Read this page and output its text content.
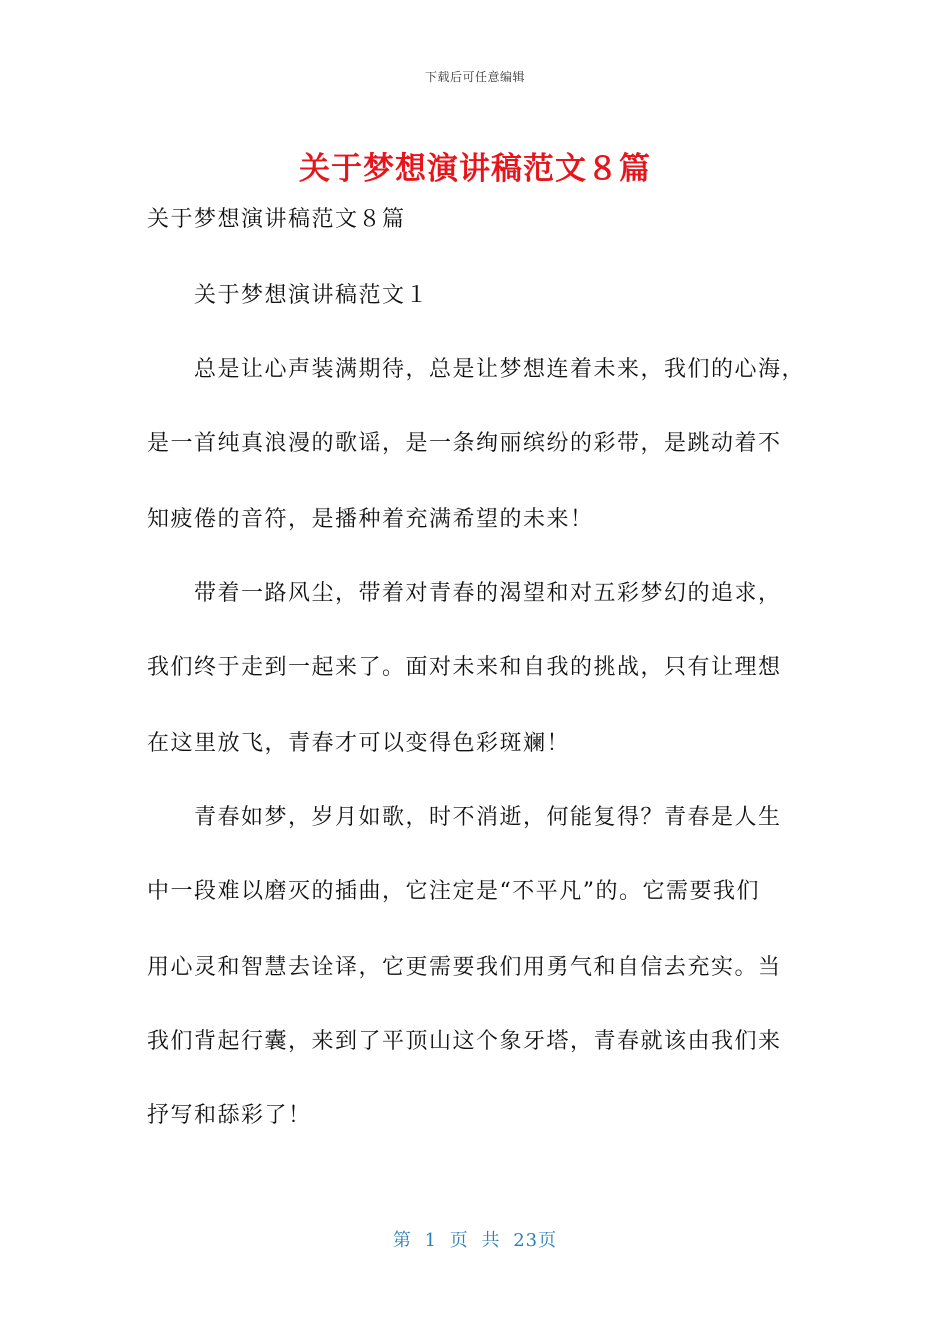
下载后可任意编辑
关于梦想演讲稿范文８篇
关于梦想演讲稿范文８篇
关于梦想演讲稿范文１
总是让心声装满期待，总是让梦想连着未来，我们的心海，
是一首纯真浪漫的歌谣，是一条绚丽缤纷的彩带，是跳动着不
知疲倦的音符，是播种着充满希望的未来！
带着一路风尘，带着对青春的渴望和对五彩梦幻的追求，
我们终于走到一起来了。面对未来和自我的挑战，只有让理想
在这里放飞，青春才可以变得色彩斑斓！
青春如梦，岁月如歌，时不消逝，何能复得？青春是人生
中一段难以磨灭的插曲，它注定是“不平凡”的。它需要我们
用心灵和智慧去诠译，它更需要我们用勇气和自信去充实。当
我们背起行囊，来到了平顶山这个象牙塔，青春就该由我们来
抒写和舔彩了！
第 1 页 共 23页
